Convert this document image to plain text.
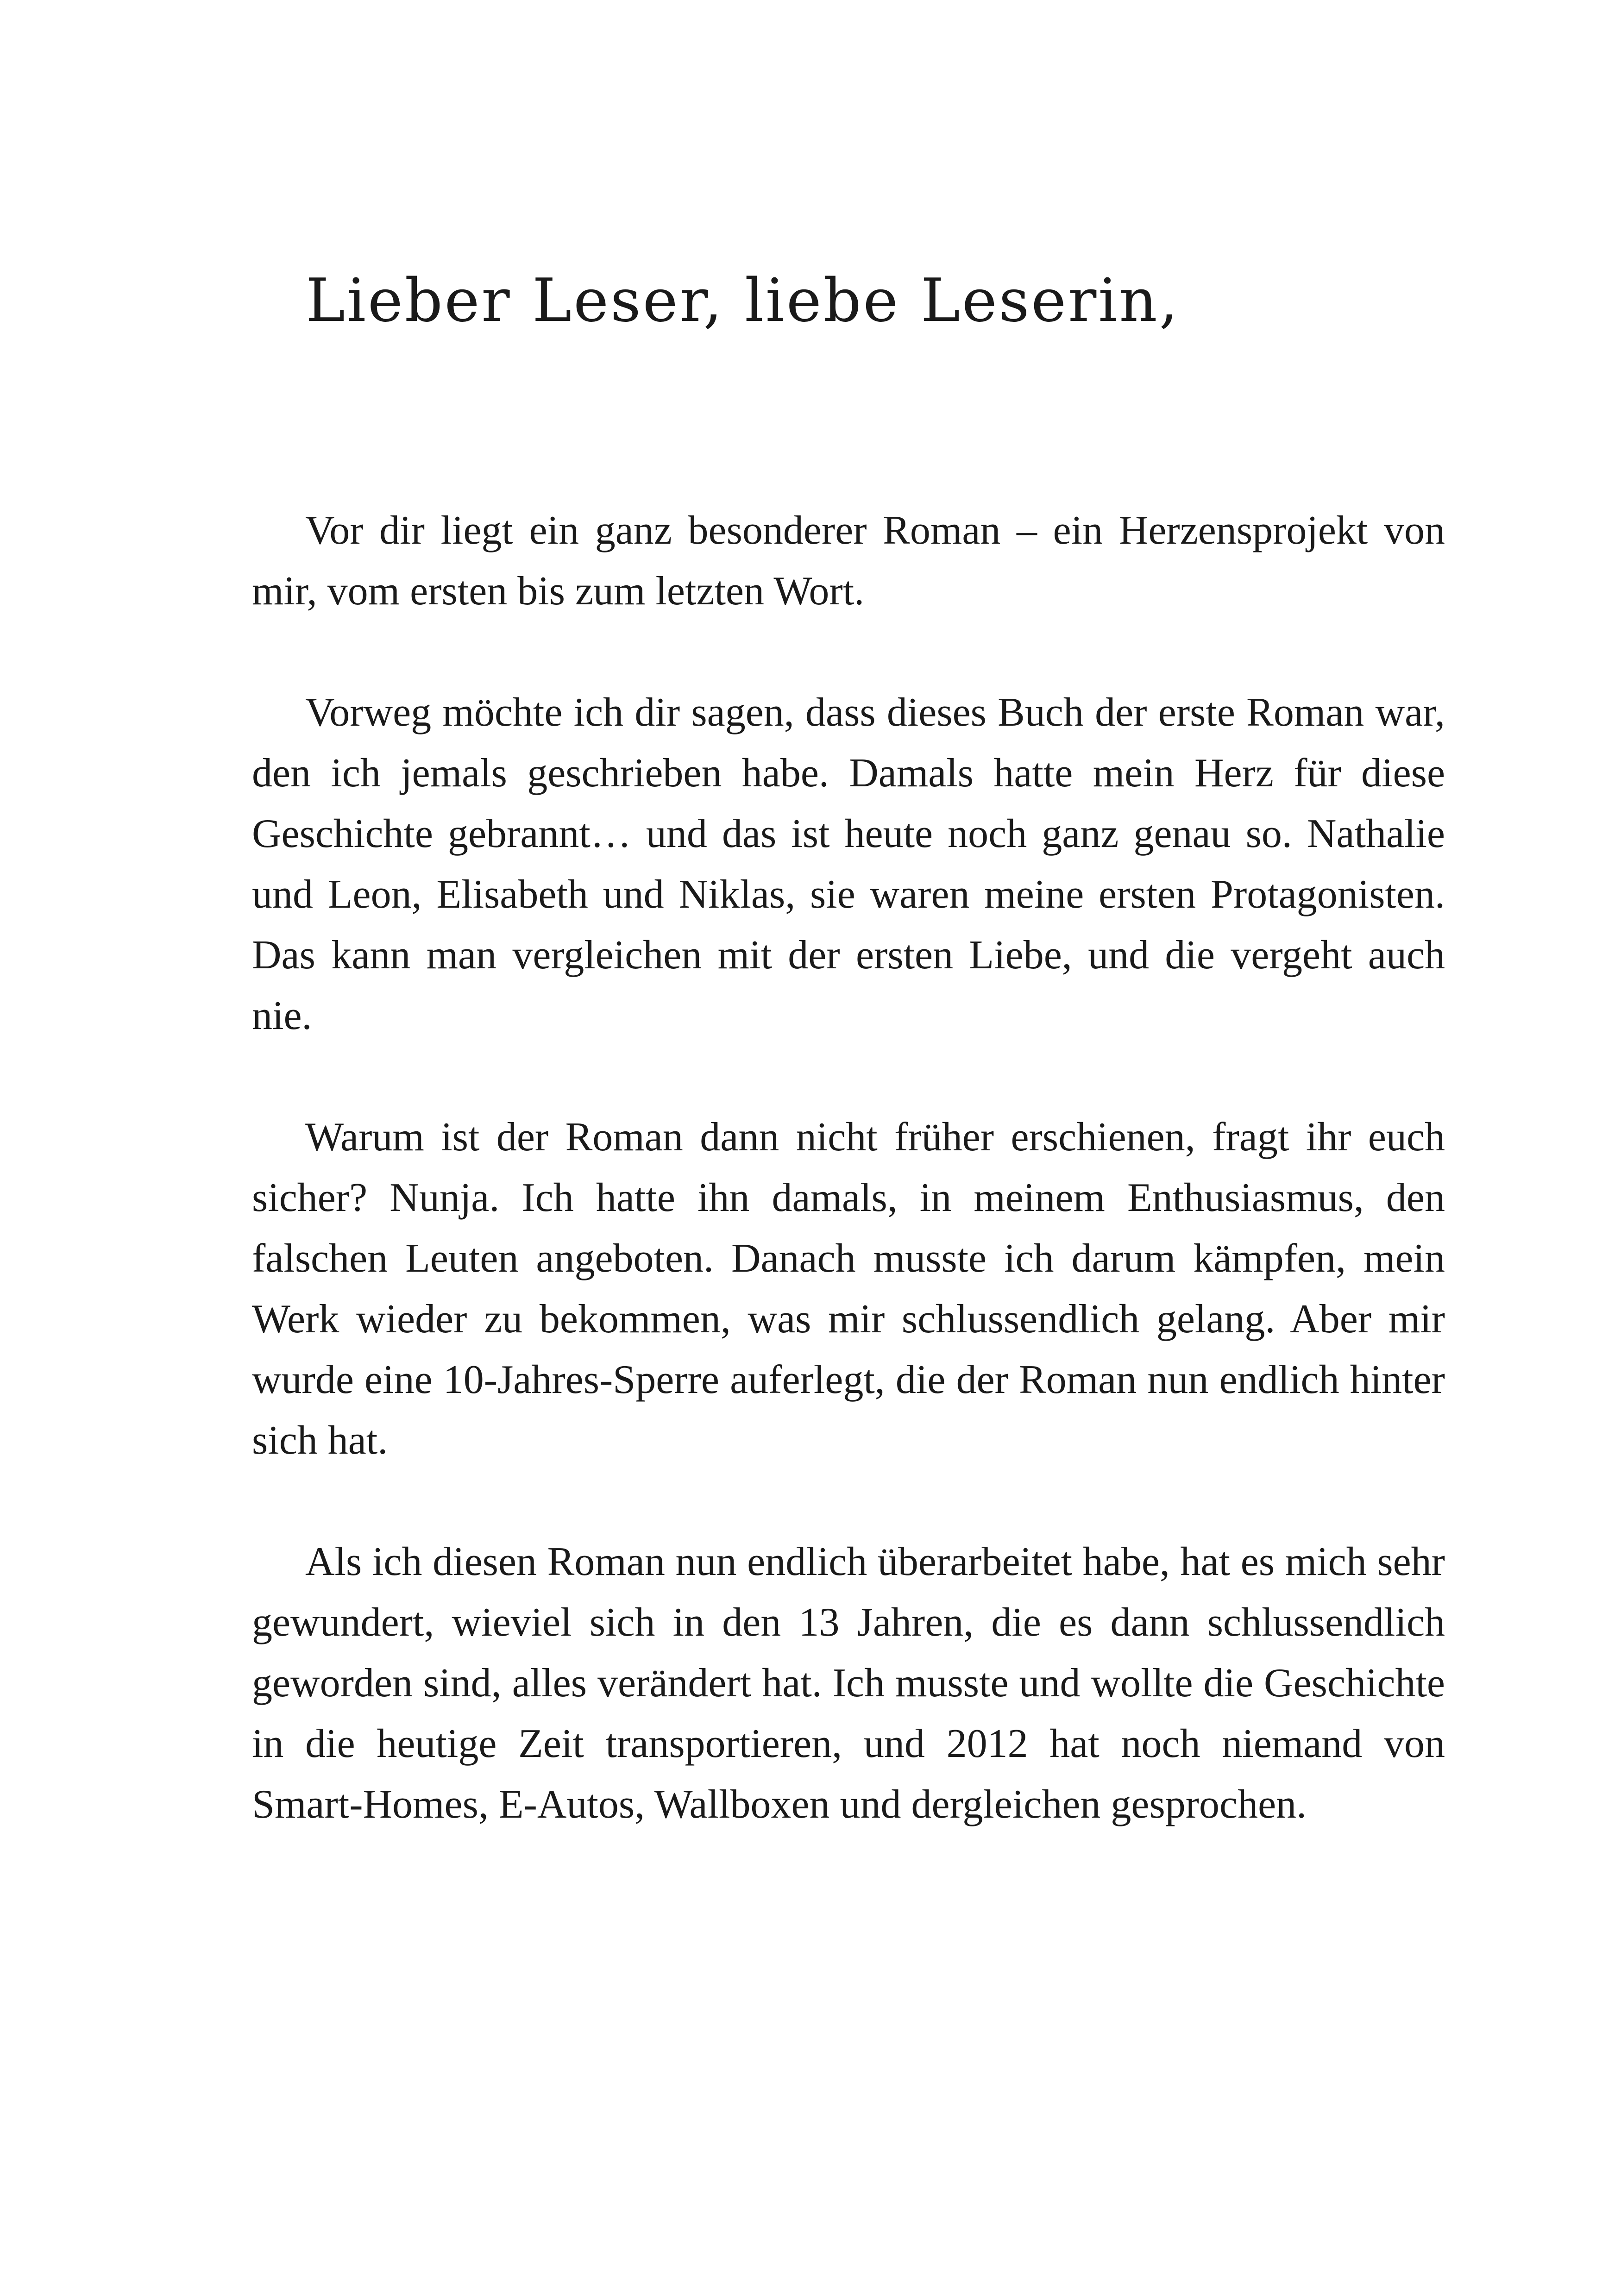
Lieber Leser, liebe Leserin,

Vor dir liegt ein ganz besonderer Roman – ein Herzensprojekt von mir, vom ersten bis zum letzten Wort.

Vorweg möchte ich dir sagen, dass dieses Buch der erste Roman war, den ich jemals geschrieben habe. Damals hatte mein Herz für diese Geschichte gebrannt… und das ist heute noch ganz genau so. Nathalie und Leon, Elisabeth und Niklas, sie waren meine ersten Protagonisten. Das kann man vergleichen mit der ersten Liebe, und die vergeht auch nie.

Warum ist der Roman dann nicht früher erschienen, fragt ihr euch sicher? Nunja. Ich hatte ihn damals, in meinem Enthusiasmus, den falschen Leuten angeboten. Danach musste ich darum kämpfen, mein Werk wieder zu bekommen, was mir schlussendlich gelang. Aber mir wurde eine 10-Jahres-Sperre auferlegt, die der Roman nun endlich hinter sich hat.

Als ich diesen Roman nun endlich überarbeitet habe, hat es mich sehr gewundert, wieviel sich in den 13 Jahren, die es dann schlussendlich geworden sind, alles verändert hat. Ich musste und wollte die Geschichte in die heutige Zeit transportieren, und 2012 hat noch niemand von Smart-Homes, E-Autos, Wallboxen und dergleichen gesprochen.
